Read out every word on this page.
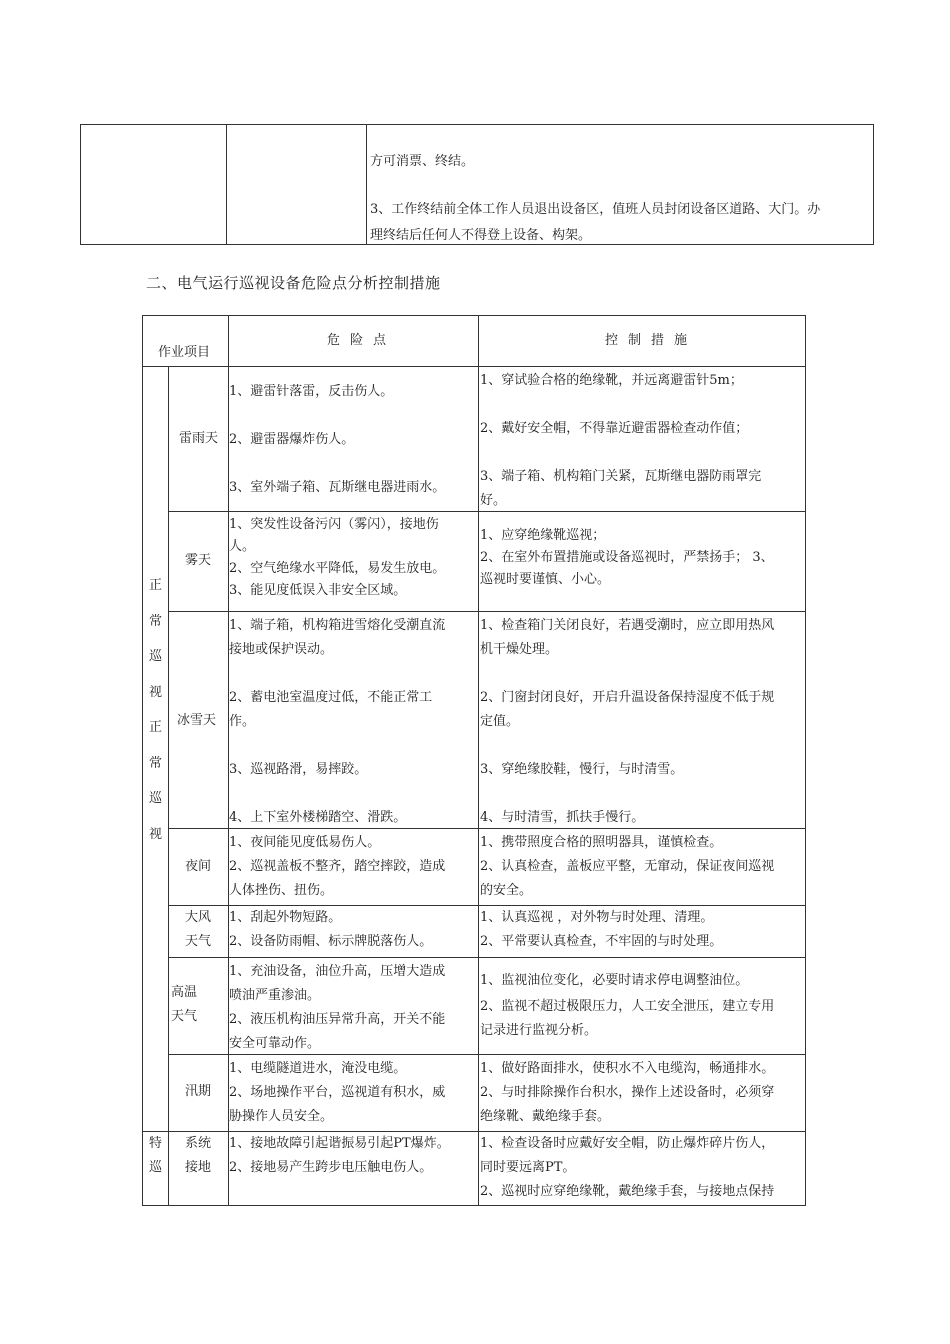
方可消票、终结。
3、工作终结前全体工作人员退出设备区，值班人员封闭设备区道路、大门。办
理终结后任何人不得登上设备、构架。
二、电气运行巡视设备危险点分析控制措施
作业项目
危险点	控制措施
正
常
巡
视
正
常
巡
视
特
巡
雷雨天
1、避雷针落雷，反击伤人。
2、避雷器爆炸伤人。
3、室外端子箱、瓦斯继电器进雨水。
1、穿试验合格的绝缘靴，并远离避雷针5m；
2、戴好安全帽，不得靠近避雷器检查动作值；
3、端子箱、机构箱门关紧，瓦斯继电器防雨罩完
好。
雾天
1、突发性设备污闪（雾闪），接地伤
人。
2、空气绝缘水平降低，易发生放电。
3、能见度低误入非安全区域。
1、应穿绝缘靴巡视；
2、在室外布置措施或设备巡视时，严禁扬手； 3、
巡视时要谨慎、小心。
冰雪天
1、端子箱，机构箱进雪熔化受潮直流
接地或保护误动。
2、蓄电池室温度过低，不能正常工
作。
3、巡视路滑，易摔跤。
4、上下室外楼梯踏空、滑跌。
1、检查箱门关闭良好，若遇受潮时，应立即用热风
机干燥处理。
2、门窗封闭良好，开启升温设备保持湿度不低于规
定值。
3、穿绝缘胶鞋，慢行，与时清雪。
4、与时清雪，抓扶手慢行。
夜间
1、夜间能见度低易伤人。
2、巡视盖板不整齐，踏空摔跤，造成
人体挫伤、扭伤。
1、携带照度合格的照明器具，谨慎检查。
2、认真检查，盖板应平整，无窜动，保证夜间巡视
的安全。
大风
天气
1、刮起外物短路。
2、设备防雨帽、标示牌脱落伤人。
1、认真巡视 ，对外物与时处理、清理。
2、平常要认真检查，不牢固的与时处理。
高温
天气
1、充油设备，油位升高，压增大造成
喷油严重渗油。
2、液压机构油压异常升高，开关不能
安全可靠动作。
1、监视油位变化，必要时请求停电调整油位。
2、监视不超过极限压力，人工安全泄压，建立专用
记录进行监视分析。
汛期
1、电缆隧道进水，淹没电缆。
2、场地操作平台，巡视道有积水，威
胁操作人员安全。
1、做好路面排水，使积水不入电缆沟，畅通排水。
2、与时排除操作台积水，操作上述设备时，必须穿
绝缘靴、戴绝缘手套。
系统
接地
1、接地故障引起谐振易引起PT爆炸。
2、接地易产生跨步电压触电伤人。
1、检查设备时应戴好安全帽，防止爆炸碎片伤人，
同时要远离PT。
2、巡视时应穿绝缘靴，戴绝缘手套，与接地点保持
